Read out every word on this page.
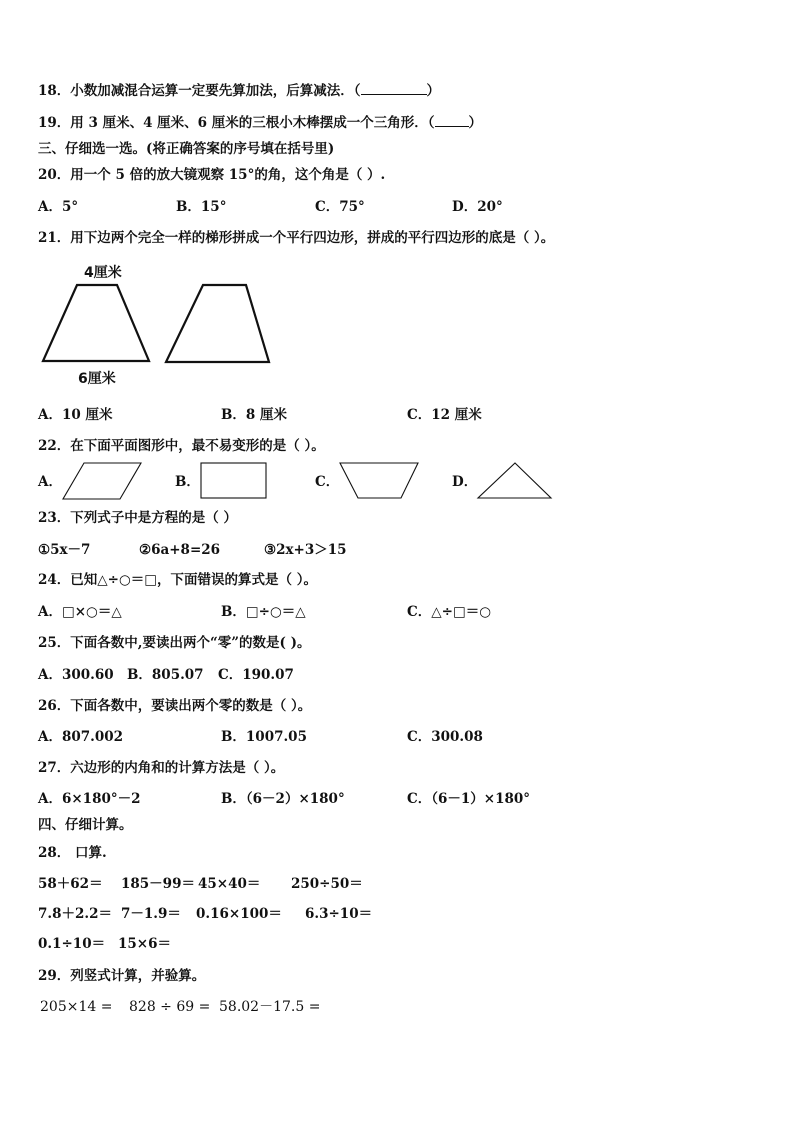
18．小数加减混合运算一定要先算加法，后算减法．（	）
19．用 3 厘米、4 厘米、6 厘米的三根小木棒摆成一个三角形．（	）
三、仔细选一选。(将正确答案的序号填在括号里)
20．用一个 5 倍的放大镜观察 15°的角，这个角是（ ）.
A．5°	B．15°	C．75°	D．20°
21．用下边两个完全一样的梯形拼成一个平行四边形，拼成的平行四边形的底是（ ）。
4厘米
6厘米
A．10 厘米	B．8 厘米	C．12 厘米
22．在下面平面图形中，最不易变形的是（ ）。
A．	B．	C．	D．
23．下列式子中是方程的是（ ）
①5x－7	②6a+8=26	③2x+3＞15
24．已知△÷○＝□，下面错误的算式是（ ）。
A．□×○＝△	B．□÷○＝△	C．△÷□＝○
25．下面各数中,要读出两个“零”的数是( )。
A．300.60 B．805.07 C．190.07
26．下面各数中，要读出两个零的数是（ ）。
A．807.002	B．1007.05	C．300.08
27．六边形的内角和的计算方法是（ ）。
A．6×180°－2	B．（6－2）×180°	C．（6－1）×180°
四、仔细计算。
28． 口算.
58＋62＝ 185－99＝ 45×40＝ 250÷50＝
7.8＋2.2＝ 7－1.9＝ 0.16×100＝ 6.3÷10＝
0.1÷10＝ 15×6＝
29．列竖式计算，并验算。
205×14 = 828 ÷ 69 = 58.02－17.5 =
